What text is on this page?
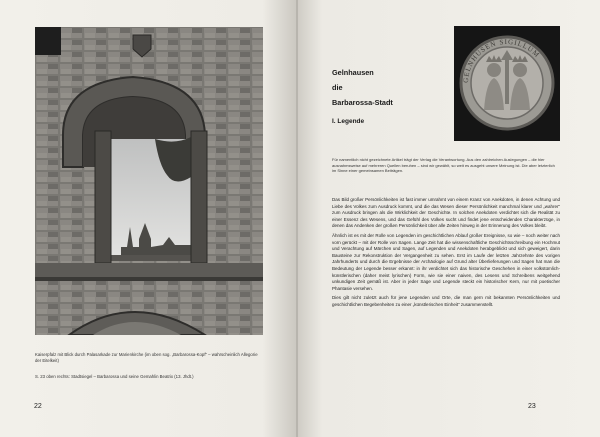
Kaiserpfalz mit Blick durch Palasarkade zur Marienkirche (im oben sog. „Barbarossa-Kopf“ – wahrscheinlich Allegorie der Eitelkeit)
S. 23 oben rechts: Stadtsiegel – Barbarossa und seine Gemahlin Beatrix (13. Jhdt.)
22
GELNHUSEN SIGILLUM
Gelnhausen
die
Barbarossa-Stadt
I. Legende
Für namentlich nicht gezeichnete Artikel trägt der Verlag die Verantwortung. Aus den zahlreichen Auslegungen – die hier ausnahmsweise auf mehreren Quellen beruhen – sind wir gewählt, so weit es ausgeht unsere Meinung ist. Die aber letzterlich im Sinne einer gemeinsamen Beiträgen.

Das Bild großer Persönlichkeiten ist fast immer umrahmt von einem Kranz von Anekdoten, in denen Achtung und Liebe des Volkes zum Ausdruck kommt, und die das Wesen dieser Persönlichkeit manchmal klarer und „wahrer“ zum Ausdruck bringen als die Wirklichkeit der Geschichte. In solchen Anekdoten verdichtet sich die Realität zu einer Essenz des Wesens, und das Gefühl des Volkes sucht und findet jene entscheidenden Charakterzüge, in denen das Andenken der großen Persönlichkeit über alle Zeiten hinweg in der Erinnerung des Volkes bleibt.

Ähnlich ist es mit der Rolle von Legenden im geschichtlichen Ablauf großer Ereignisse, so wie – noch weiter nach vorn gerückt – mit der Rolle von Sagen. Lange Zeit hat die wissenschaftliche Geschichtsschreibung ein Hochmut und Verachtung auf Märchen und Sagen, auf Legenden und Anekdoten herabgeblickt und sich geweigert, darin Bausteine zur Rekonstruktion der Vergangenheit zu sehen. Erst im Laufe der letzten Jahrzehnte des vorigen Jahrhunderts und durch die Ergebnisse der Archäologie auf Grund alter Überlieferungen und Sagen hat man die Bedeutung der Legende besser erkannt: in ihr verdichtet sich das historische Geschehen in einer volkstümlich-künstlerischen (daher meist lyrischen) Form, wie sie einer naiven, des Lesens und Schreibens weitgehend unkundigen Zeit gemäß ist. Aber in jeder Sage und Legende steckt ein historischer Kern, nur mit poetischer Phantasie versehen.

Dies gilt nicht zuletzt auch für jene Legenden und Orte, die man gern mit bekannten Persönlichkeiten und geschichtlichen Begebenheiten zu einer „künstlerischen Einheit“ zusammenstellt.

23
